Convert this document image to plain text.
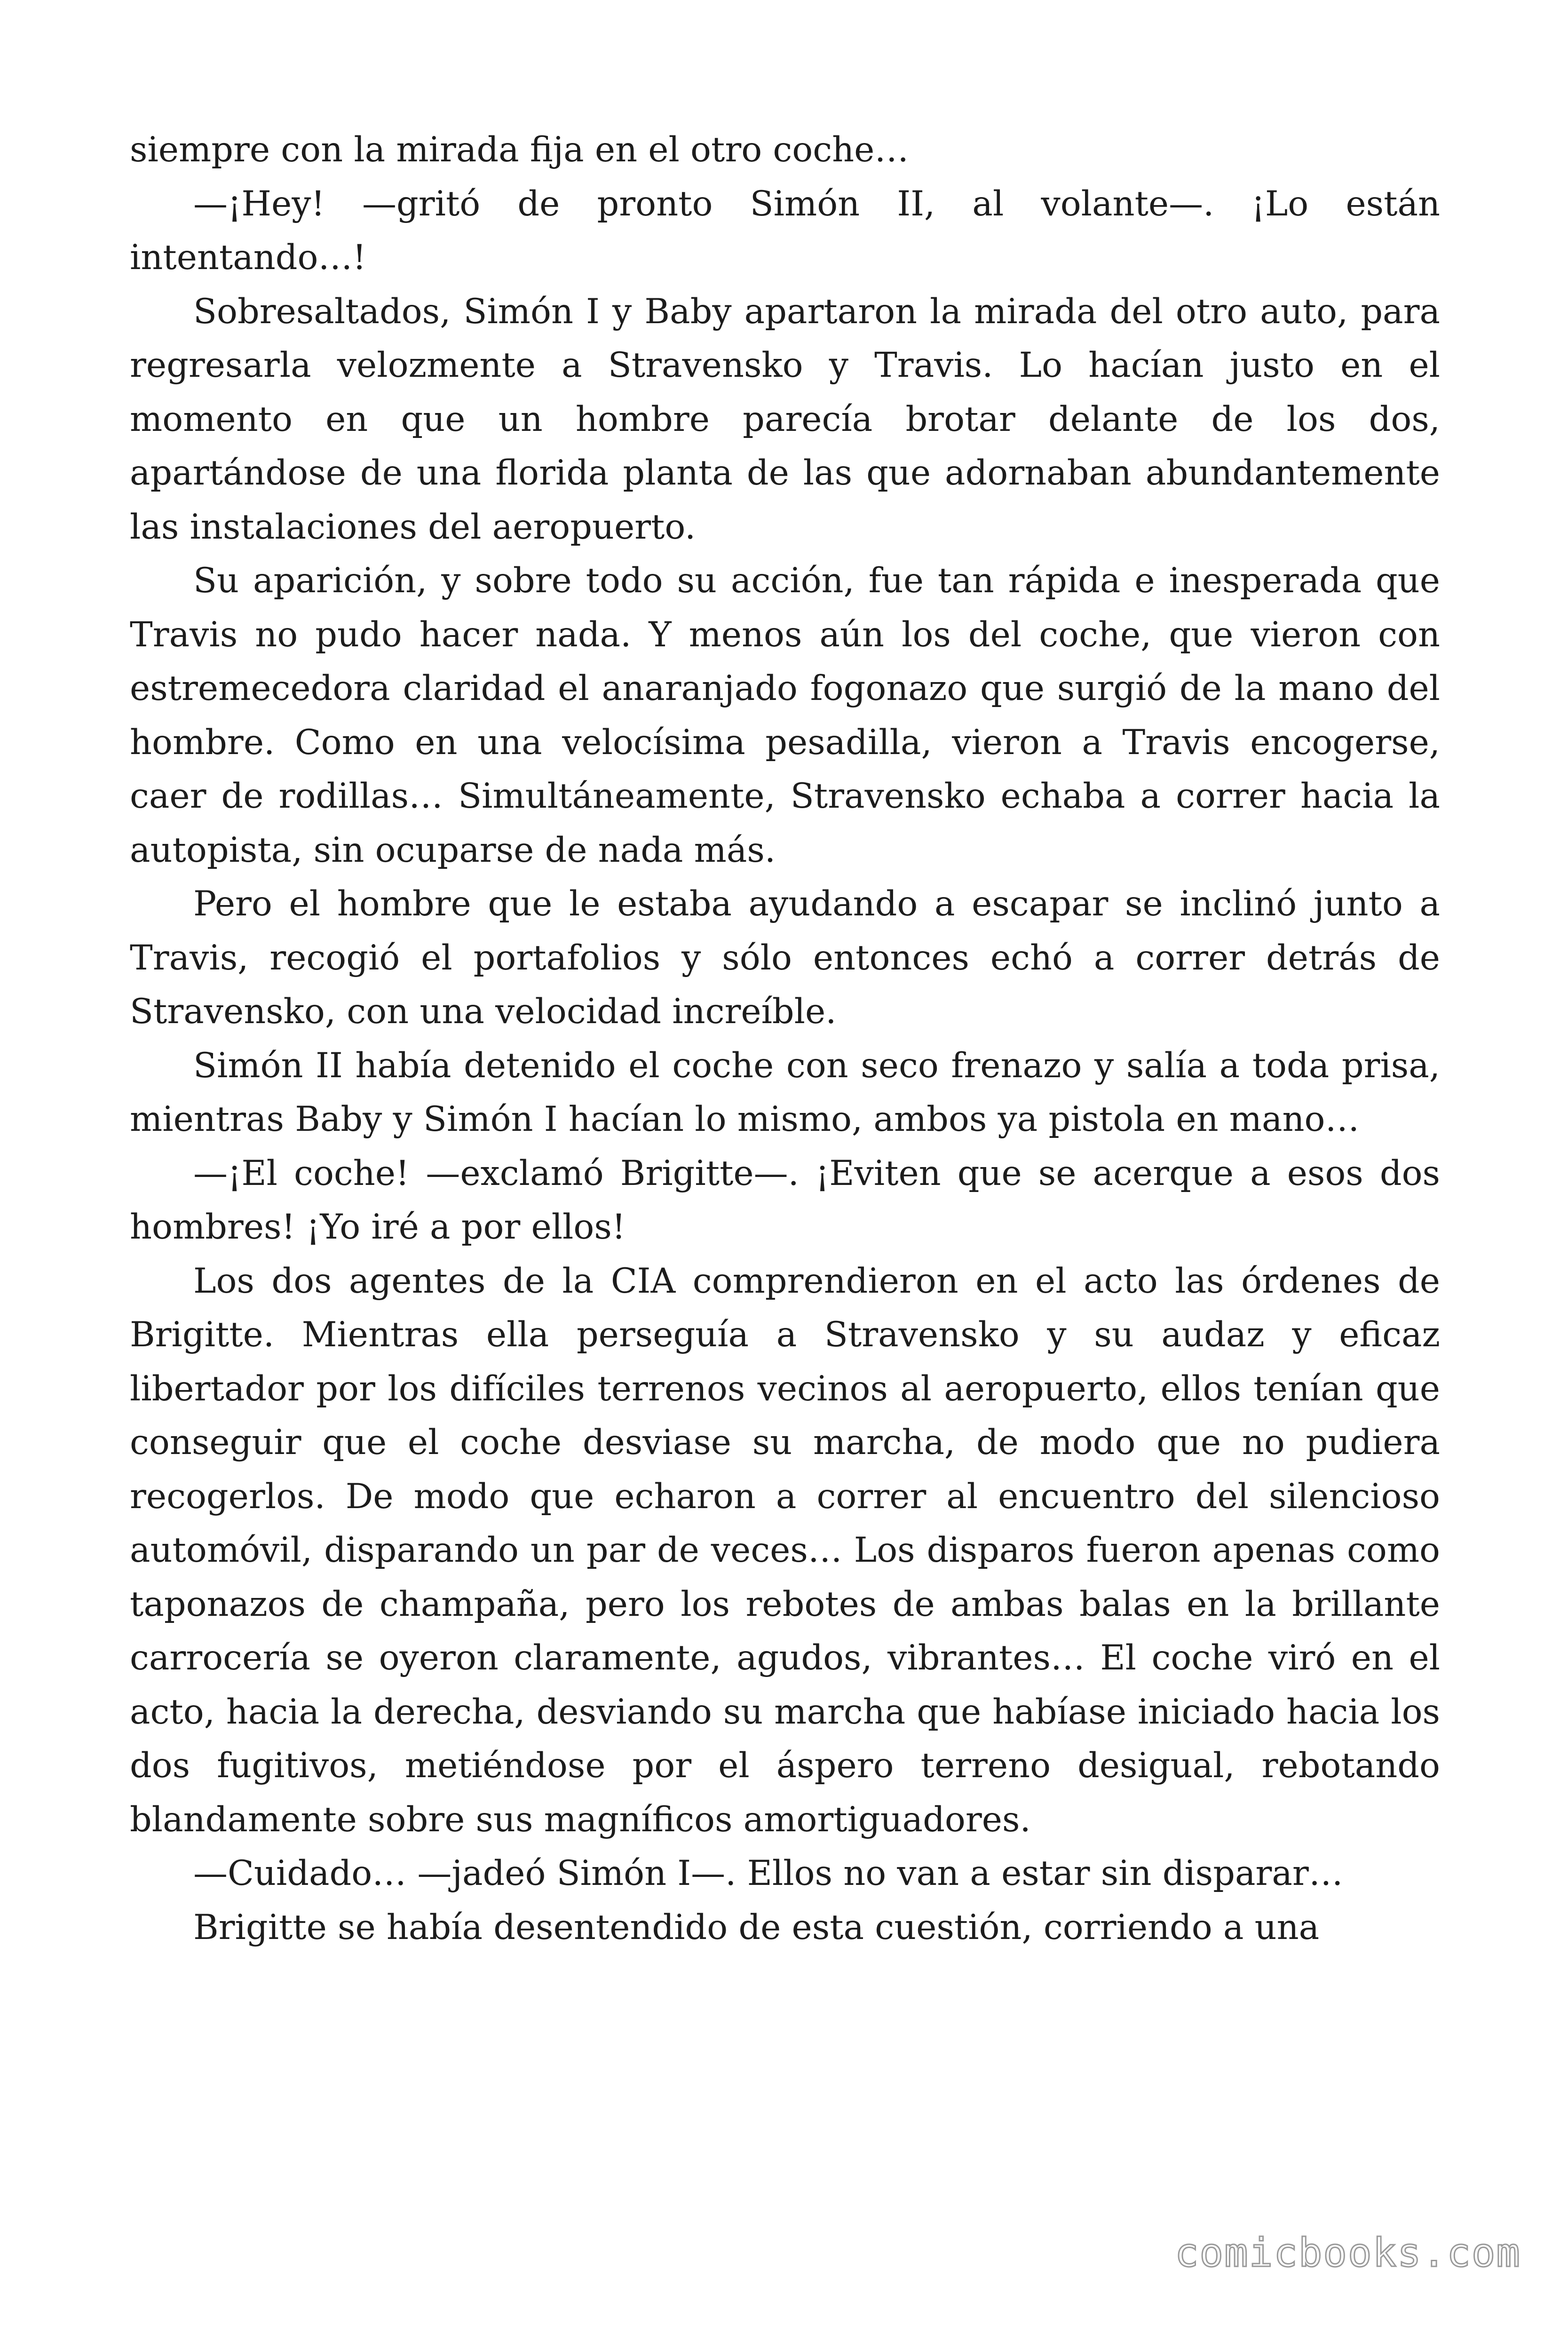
siempre con la mirada fija en el otro coche…

—¡Hey! —gritó de pronto Simón II, al volante—. ¡Lo están intentando…!

Sobresaltados, Simón I y Baby apartaron la mirada del otro auto, para regresarla velozmente a Stravensko y Travis. Lo hacían justo en el momento en que un hombre parecía brotar delante de los dos, apartándose de una florida planta de las que adornaban abundantemente las instalaciones del aeropuerto.

Su aparición, y sobre todo su acción, fue tan rápida e inesperada que Travis no pudo hacer nada. Y menos aún los del coche, que vieron con estremecedora claridad el anaranjado fogonazo que surgió de la mano del hombre. Como en una velocísima pesadilla, vieron a Travis encogerse, caer de rodillas… Simultáneamente, Stravensko echaba a correr hacia la autopista, sin ocuparse de nada más.

Pero el hombre que le estaba ayudando a escapar se inclinó junto a Travis, recogió el portafolios y sólo entonces echó a correr detrás de Stravensko, con una velocidad increíble.

Simón II había detenido el coche con seco frenazo y salía a toda prisa, mientras Baby y Simón I hacían lo mismo, ambos ya pistola en mano…

—¡El coche! —exclamó Brigitte—. ¡Eviten que se acerque a esos dos hombres! ¡Yo iré a por ellos!

Los dos agentes de la CIA comprendieron en el acto las órdenes de Brigitte. Mientras ella perseguía a Stravensko y su audaz y eficaz libertador por los difíciles terrenos vecinos al aeropuerto, ellos tenían que conseguir que el coche desviase su marcha, de modo que no pudiera recogerlos. De modo que echaron a correr al encuentro del silencioso automóvil, disparando un par de veces… Los disparos fueron apenas como taponazos de champaña, pero los rebotes de ambas balas en la brillante carrocería se oyeron claramente, agudos, vibrantes… El coche viró en el acto, hacia la derecha, desviando su marcha que habíase iniciado hacia los dos fugitivos, metiéndose por el áspero terreno desigual, rebotando blandamente sobre sus magníficos amortiguadores.

—Cuidado… —jadeó Simón I—. Ellos no van a estar sin disparar…

Brigitte se había desentendido de esta cuestión, corriendo a una

comicbooks.com
